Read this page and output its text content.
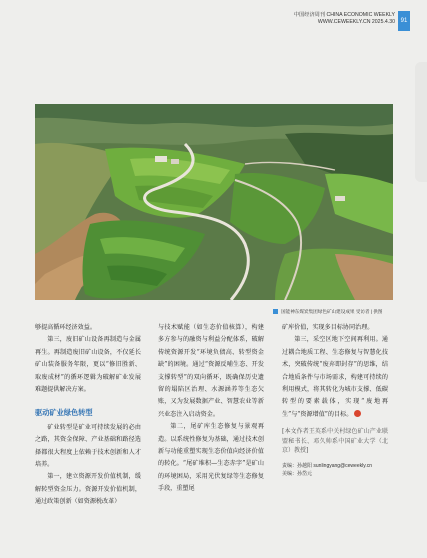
中国经济周刊 CHINA ECONOMIC WEEKLY
WWW.CEWEEKLY.CN 2025.4.30 91
国能神东煤炭集团绿色矿山建设成果 受访者 | 供图

够提高循环经济效益。

第三，废旧矿山设备再制造与金属再生。再制造废旧矿山设备，不仅延长矿山装备服务年限，更以“修旧胜新、取废成材”的循环逻辑为破解矿业发展难题提供解决方案。

驱动矿业绿色转型

矿业转型是矿业可持续发展的必由之路，其资金保障、产业基础和路径选择都很大程度上依赖于技术创新和人才培养。

第一，建立资源开发价值机制，缓解转型资金压力。资源开发价值机制，通过政策创新（如资源税改革）

与技术赋能（如生态价值核算），构建多方参与的融资与利益分配体系，破解传统资源开发“环境负债高、转型资金缺”的困境。通过“资源反哺生态、开发支撑转型”的双向循环，既确保历史遗留的塌陷区治理、水源涵养等生态欠账，又为发展数据产业、智慧农业等新兴业态注入启动资金。

第二，尾矿库生态修复与景观再造。以系统性修复为基础，通过技术创新与功能重塑实现生态价值向经济价值的转化。“尾矿堆积—生态赤字”是矿山的环境困局，采用光伏复绿等生态修复手段，重塑尾

矿库价值，实现多目标协同治理。

第三，采空区地下空间再利用。通过耦合地质工程、生态修复与智慧化技术，突破传统“废弃即封存”的思维，结合地质条件与市场需求，构建可持续的利用模式，将其转化为城市支撑、低碳转型的要素载体，实现“废地再生”与“资源增值”的目标。

[本文作者王英系中关村绿色矿山产业联盟秘书长、邓久帅系中国矿业大学（北京）教授]
责编：孙越阳 sunlingyang@ceweekly.cn
美编：孙岱元
